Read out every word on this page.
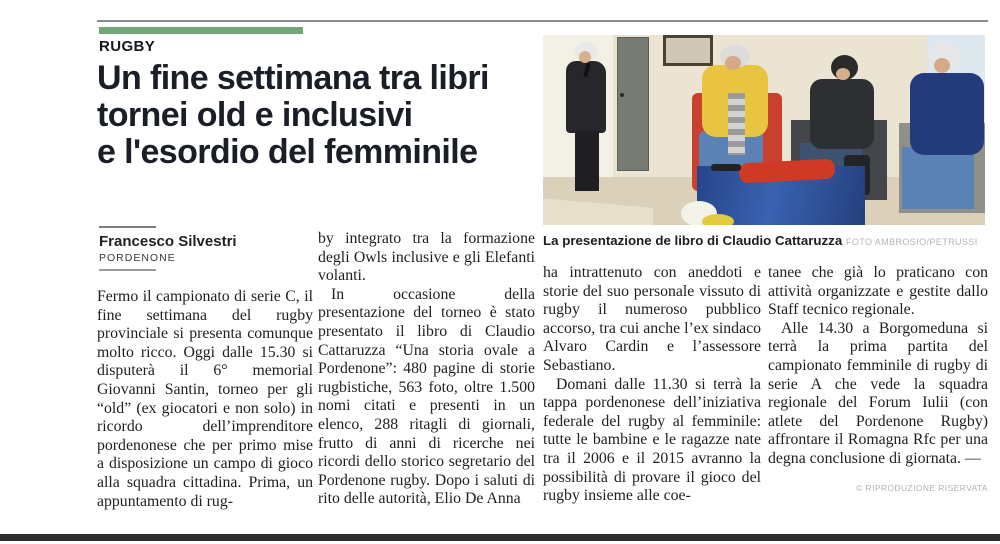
RUGBY
Un fine settimana tra libri
tornei old e inclusivi
e l'esordio del femminile
Francesco Silvestri
PORDENONE
La presentazione de libro di Claudio Cattaruzza FOTO AMBROSIO/PETRUSSI

Fermo il campionato di serie C, il fine settimana del rugby provinciale si presenta comunque molto ricco. Oggi dalle 15.30 si disputerà il 6° memorial Giovanni Santin, torneo per gli “old” (ex giocatori e non solo) in ricordo dell’imprenditore pordenonese che per primo mise a disposizione un campo di gioco alla squadra cittadina. Prima, un appuntamento di rug-

by integrato tra la formazione degli Owls inclusive e gli Elefanti volanti.

In occasione della presentazione del torneo è stato presentato il libro di Claudio Cattaruzza “Una storia ovale a Pordenone”: 480 pagine di storie rugbistiche, 563 foto, oltre 1.500 nomi citati e presenti in un elenco, 288 ritagli di giornali, frutto di anni di ricerche nei ricordi dello storico segretario del Pordenone rugby. Dopo i saluti di rito delle autorità, Elio De Anna

ha intrattenuto con aneddoti e storie del suo personale vissuto di rugby il numeroso pubblico accorso, tra cui anche l’ex sindaco Alvaro Cardin e l’assessore Sebastiano.

Domani dalle 11.30 si terrà la tappa pordenonese dell’iniziativa federale del rugby al femminile: tutte le bambine e le ragazze nate tra il 2006 e il 2015 avranno la possibilità di provare il gioco del rugby insieme alle coe-

tanee che già lo praticano con attività organizzate e gestite dallo Staff tecnico regionale.

Alle 14.30 a Borgomeduna si terrà la prima partita del campionato femminile di rugby di serie A che vede la squadra regionale del Forum Iulii (con atlete del Pordenone Rugby) affrontare il Romagna Rfc per una degna conclusione di giornata. —

© RIPRODUZIONE RISERVATA
